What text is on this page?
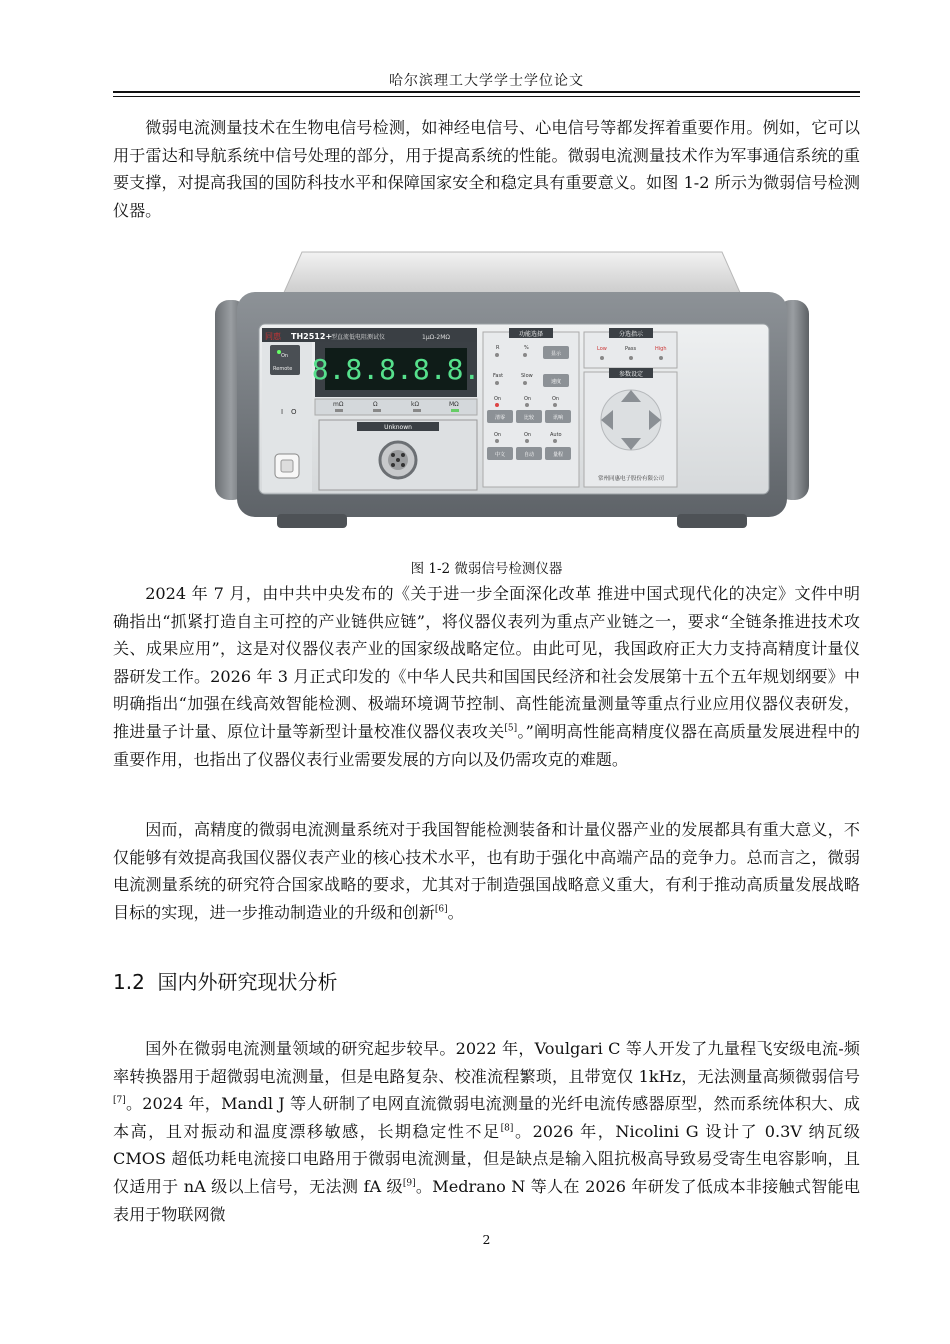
哈尔滨理工大学学士学位论文

微弱电流测量技术在生物电信号检测，如神经电信号、心电信号等都发挥着重要作用。例如，它可以用于雷达和导航系统中信号处理的部分，用于提高系统的性能。微弱电流测量技术作为军事通信系统的重要支撑，对提高我国的国防科技水平和保障国家安全和稳定具有重要意义。如图 1-2 所示为微弱信号检测仪器。

同惠 TH2512+
型直流低电阻测试仪	1μΩ-2MΩ
On
Remote 8.8.8.8.8.
mΩ	Ω	kΩ	MΩ
I O
Unknown
功能选择
R	%
显示
Fast	Slow
速度
On	On	On
清零	比较	讯响
On	On	Auto
中文	自动	量程
分选指示
Low	Pass	High
参数设定
常州同惠电子股份有限公司
图 1-2 微弱信号检测仪器

2024 年 7 月，由中共中央发布的《关于进一步全面深化改革 推进中国式现代化的决定》文件中明确指出“抓紧打造自主可控的产业链供应链”，将仪器仪表列为重点产业链之一，要求“全链条推进技术攻关、成果应用”，这是对仪器仪表产业的国家级战略定位。由此可见，我国政府正大力支持高精度计量仪器研发工作。2026 年 3 月正式印发的《中华人民共和国国民经济和社会发展第十五个五年规划纲要》中明确指出“加强在线高效智能检测、极端环境调节控制、高性能流量测量等重点行业应用仪器仪表研发，推进量子计量、原位计量等新型计量校准仪器仪表攻关[5]。”阐明高性能高精度仪器在高质量发展进程中的重要作用，也指出了仪器仪表行业需要发展的方向以及仍需攻克的难题。

因而，高精度的微弱电流测量系统对于我国智能检测装备和计量仪器产业的发展都具有重大意义，不仅能够有效提高我国仪器仪表产业的核心技术水平，也有助于强化中高端产品的竞争力。总而言之，微弱电流测量系统的研究符合国家战略的要求，尤其对于制造强国战略意义重大，有利于推动高质量发展战略目标的实现，进一步推动制造业的升级和创新[6]。

1.2 国内外研究现状分析

国外在微弱电流测量领域的研究起步较早。2022 年，Voulgari C 等人开发了九量程飞安级电流-频率转换器用于超微弱电流测量，但是电路复杂、校准流程繁琐，且带宽仅 1kHz，无法测量高频微弱信号[7]。2024 年，Mandl J 等人研制了电网直流微弱电流测量的光纤电流传感器原型，然而系统体积大、成本高，且对振动和温度漂移敏感，长期稳定性不足[8]。2026 年，Nicolini G 设计了 0.3V 纳瓦级 CMOS 超低功耗电流接口电路用于微弱电流测量，但是缺点是输入阻抗极高导致易受寄生电容影响，且仅适用于 nA 级以上信号，无法测 fA 级[9]。Medrano N 等人在 2026 年研发了低成本非接触式智能电表用于物联网微

2
